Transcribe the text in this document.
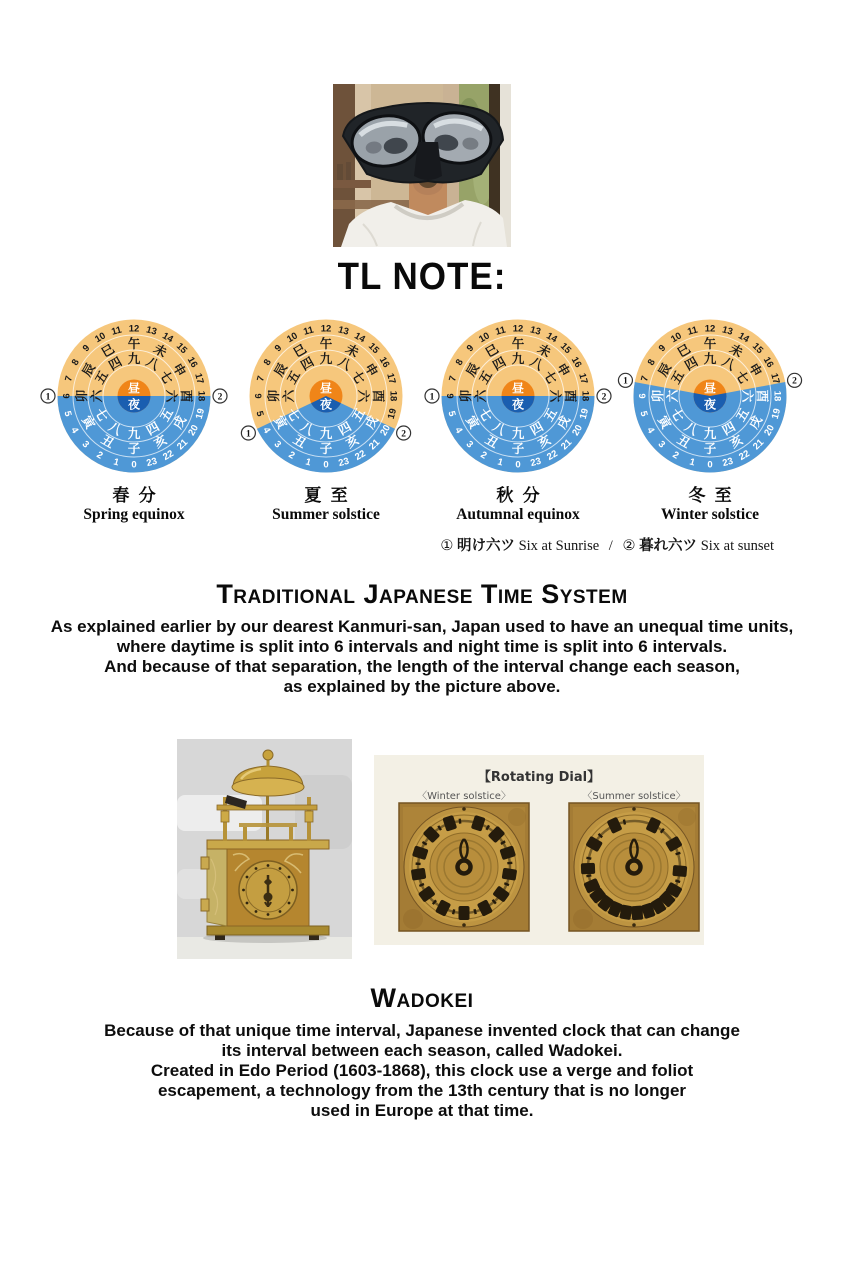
TL NOTE:
0
1
2
3
4
5
6
7
8
9
10 11 12 13 14
15
16
17
18
19
20
21
22
23
子
丑
寅
卯
辰
巳 午 未
申
酉
戌
亥
九
八
七
六
五
四 九 八
七
六
五
四
昼
夜
1	2
春分
Spring equinox
0
1
2
3
4
5
6
7
8
9
10 11 12 13 14
15
16
17
18
19
20
21
22
23
子
丑
寅
卯
辰
巳 午 未
申
酉
戌
亥
九
八
七
六
五
四 九 八
七
六
五
四
昼
夜
1	2
夏至
Summer solstice
0
1
2
3
4
5
6
7
8
9
10 11 12 13 14
15
16
17
18
19
20
21
22
23
子
丑
寅
卯
辰
巳 午 未
申
酉
戌
亥
九
八
七
六
五
四 九 八
七
六
五
四
昼
夜
1	2
秋分
Autumnal equinox
0
1
2
3
4
5
6
7
8
9
10 11 12 13 14
15
16
17
18
19
20
21
22
23
子
丑
寅
卯
辰
巳 午 未
申
酉
戌
亥
九
八
七
六
五
四 九 八
七
六
五
四
昼
夜
1	2
冬至
Winter solstice
① 明け六ツ Six at Sunrise / ② 暮れ六ツ Six at sunset
Traditional Japanese Time System
As explained earlier by our dearest Kanmuri-san, Japan used to have an unequal time units,
where daytime is split into 6 intervals and night time is split into 6 intervals.
And because of that separation, the length of the interval change each season,
as explained by the picture above.
【Rotating Dial】
〈Winter solstice〉	〈Summer solstice〉
Wadokei
Because of that unique time interval, Japanese invented clock that can change
its interval between each season, called Wadokei.
Created in Edo Period (1603-1868), this clock use a verge and foliot
escapement, a technology from the 13th century that is no longer
used in Europe at that time.
